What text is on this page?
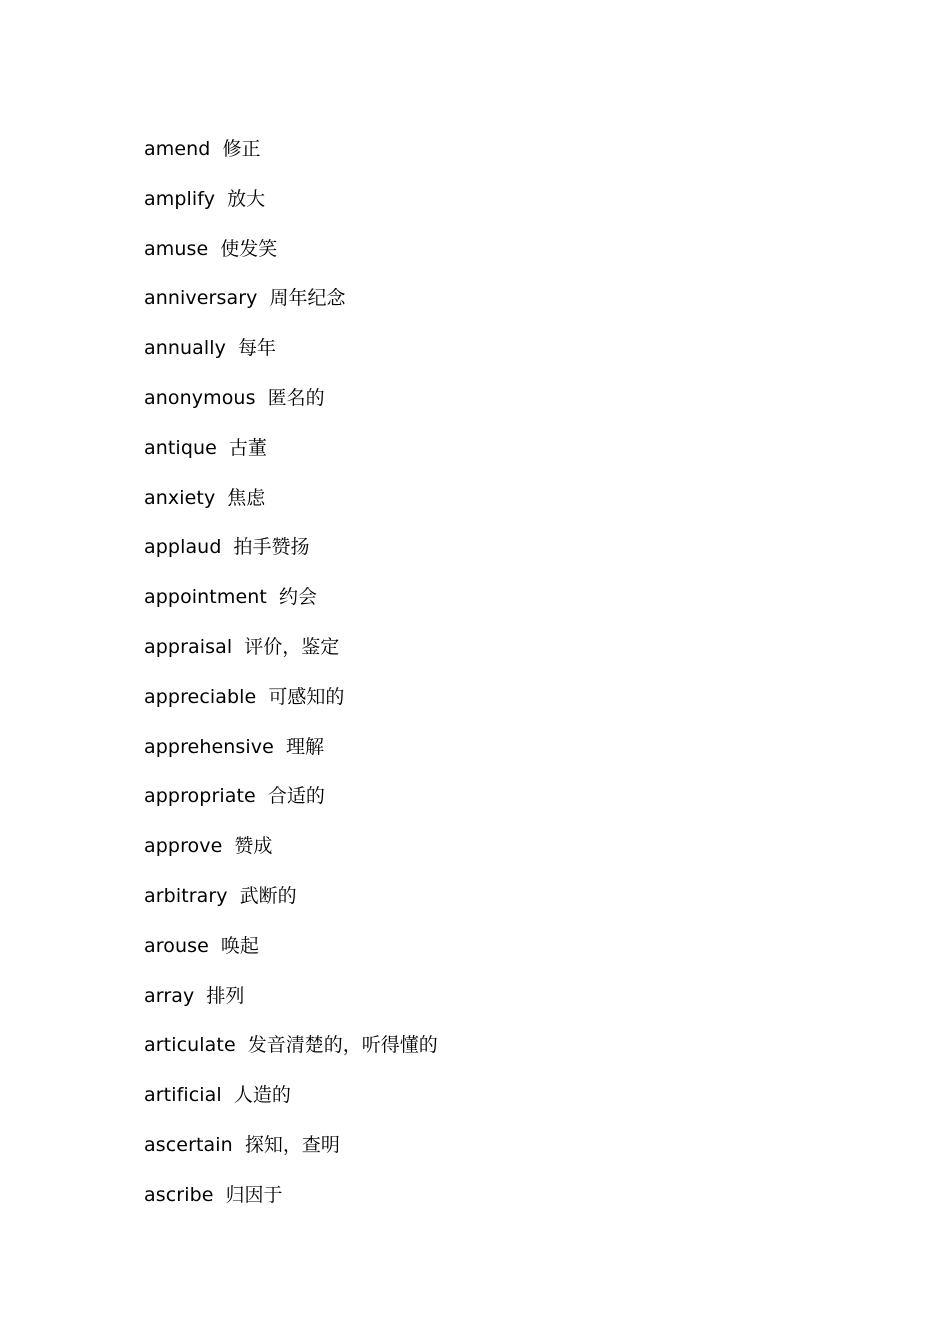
amend 修正
amplify 放大
amuse 使发笑
anniversary 周年纪念
annually 每年
anonymous 匿名的
antique 古董
anxiety 焦虑
applaud 拍手赞扬
appointment 约会
appraisal 评价，鉴定
appreciable 可感知的
apprehensive 理解
appropriate 合适的
approve 赞成
arbitrary 武断的
arouse 唤起
array 排列
articulate 发音清楚的，听得懂的
artificial 人造的
ascertain 探知，查明
ascribe 归因于
